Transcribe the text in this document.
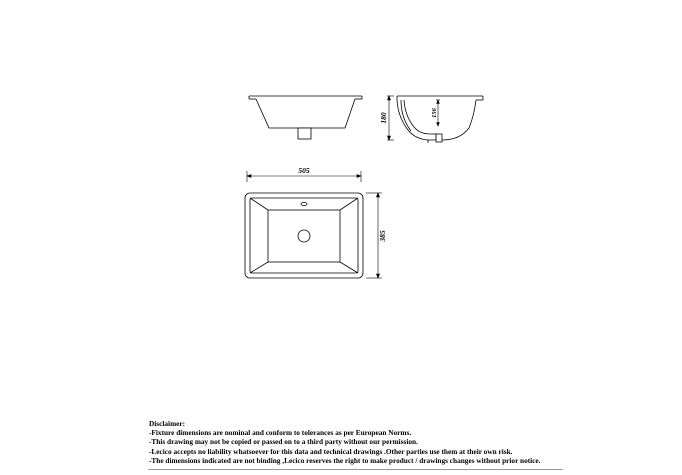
180	156
505
385
Disclaimer:
-Fixture dimensions are nominal and conform to tolerances as per European Norms.
-This drawing may not be copied or passed on to a third party without our permission.
-Lecico accepts no liability whatsoever for this data and technical drawings .Other parties use them at their own risk.
-The dimensions indicated are not binding ,Lecico reserves the right to make product / drawings changes without prior notice.
